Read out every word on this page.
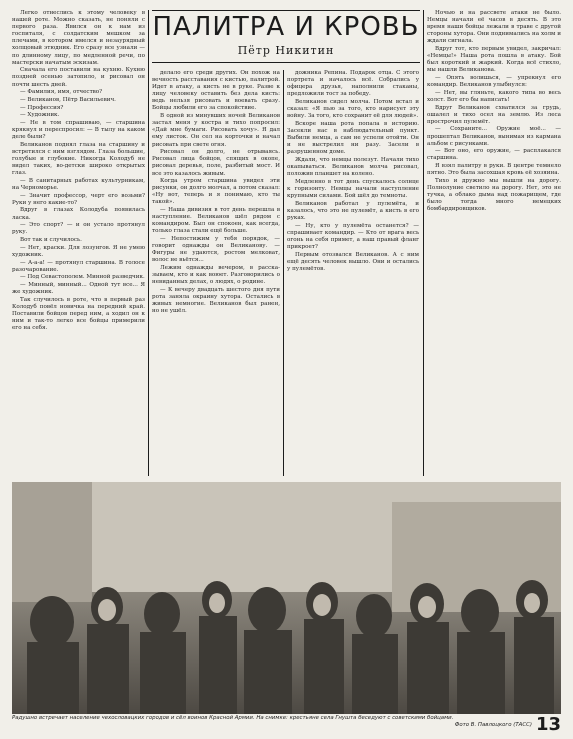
ПАЛИТРА И КРОВЬ
Пётр Никитин

Легко отнеслись к этому человеку в нашей роте. Можно сказать, не поняли с первого раза. Явился он к нам из госпиталя, с солдатским мешком за плечами, в котором имелся и незаурядный холщовый этюдник. Его сразу все узнали — по длинному лицу, по медленной речи, по мастерски начатым эскизам.

Сначала его поставили на кухню. Кухню поздней осенью затопило, и рисовал он почти шесть дней.

— Фамилия, имя, отчество?

— Великанов, Пётр Васильевич.

— Профессия?

— Художник.

— Не в том спрашиваю, — старшина крякнул и переспросил: — В тылу на каком деле были?

Великанов поднял глаза на старшину и встретился с ним взглядом. Глаза большие, голубые и глубокие. Никогда Колодуб не видел таких, во-детски широко открытых глаз.

— В санитарных работах культурникам, на Черноморье.

— Значит профессор, черт его возьми? Руки у него какие-то?

Вдруг в глазах Колодуба появилась ласка.

— Это спорт? — и он устало протянул руку.

Вот так и случилось.

— Нет, краски. Для лозунгов. Я не умею художник.

— А-а-а! — протянул старшина. В голосе разочарование.

— Под Севастополем. Минной разведчик.

— Минный, минный... Одной тут все... Я же художник.

Так случилось в роте, что в первый раз Колодуб повёл новичка на передний край. Поставили бойцов перед ним, а ходил он к ним и так-то легко все бойцы примерили его на себя.

делало его среди других. Он похож на вечность расставания с кистью, палитрой. Идет в атаку, а кисть не в руке. Разве к лицу человеку оставить без дела кисть: ведь нельзя рисовать и воевать сразу. Бойцы любили его за спокойствие.

В одной из минувших ночей Великанов застал меня у костра и тихо попросил: «Дай мне бумаги. Рисовать хочу». Я дал ему листок. Он сел на корточки и начал рисовать при свете огня.

Рисовал он долго, не отрываясь. Рисовал лица бойцов, спящих в окопе, рисовал деревья, поле, разбитый мост. И все это казалось живым.

Когда утром старшина увидел эти рисунки, он долго молчал, а потом сказал: «Ну вот, теперь и я понимаю, кто ты такой».

— Наша дивизия в тот день перешла в наступление. Великанов шёл рядом с командиром. Был он спокоен, как всегда, только глаза стали ещё больше.

— Непостижим у тебя порядок, — говорит однажды он Великанову. — Фигуры не удаются, ростом мелковат, волос не вьётся...

Лежим однажды вечером, в расска-зываем, кто и как воюет. Разговорились о невиданных делах, о людях, о родине.

— К вечеру двадцать шестого дня пути рота заняла окраину хутора. Остались в живых немногие. Великанов был ранен, но не ушёл.

дожника Репина. Подарок отца. С этого портрета и началось всё. Собрались у офицера друзья, наполнили стаканы, предложили тост за победу.

Великанов сидел молча. Потом встал и сказал: «Я пью за того, кто нарисует эту войну. За того, кто сохранит её для людей».

Вскоре наша рота попала в историю. Засекли нас в наблюдательный пункт. Выбили немца, а сам не успели отойти. Он и не выстрелил ни разу. Засели в разрушенном доме.

Ждали, что немцы полезут. Начали тихо окапываться. Великанов молча рисовал, положив планшет на колено.

Медленно в тот день спускалось солнце к горизонту. Немцы начали наступление крупными силами. Бой шёл до темноты.

Великанов работал у пулемёта, и казалось, что это не пулемёт, а кисть в его руках.

— Ну, кто у пулемёта останется? — спрашивает командир. — Кто от врага весь огонь на себя примет, а наш правый фланг прикроет?

Первым отозвался Великанов. А с ним ещё десять человек вышло. Они и остались у пулемётов.

Ночью и на рассвете атаки не было. Немцы начали её часов в десять. В это время наши бойцы лежали в траве с другой стороны хутора. Они поднимались на холм и ждали сигнала.

Вдруг тот, кто первым увидел, закричал: «Немцы!» Наша рота пошла в атаку. Бой был короткий и жаркий. Когда всё стихло, мы нашли Великанова.

— Опять волишься, — упрекнул его командир. Великанов улыбнулся:

— Нет, вы гляньте, какого типа во весь холст. Вот его бы написать!

Вдруг Великанов схватился за грудь, ошалел и тихо осел на землю. Из леса прострочил пулемёт.

— Сохраните... Оружие моё... — прошептал Великанов, вынимая из кармана альбом с рисунками.

— Вот оно, его оружие, — расплакался старшина.

Я взял палитру в руки. В центре темнело пятно. Это была засохшая кровь её хозяина.

Тихо и дружно мы вышли на дорогу. Полнолуние светило на дорогу. Нет, это не тучка, а облако дыма над пожарищем, где было тогда много немецких бомбардировщиков.

Радушно встречает население чехословацких городов и сёл воинов Красной Армии. На снимке: крестьяне села Гнушта беседуют с советскими бойцами.
Фото В. Павлоцкого (ТАСС) 13
